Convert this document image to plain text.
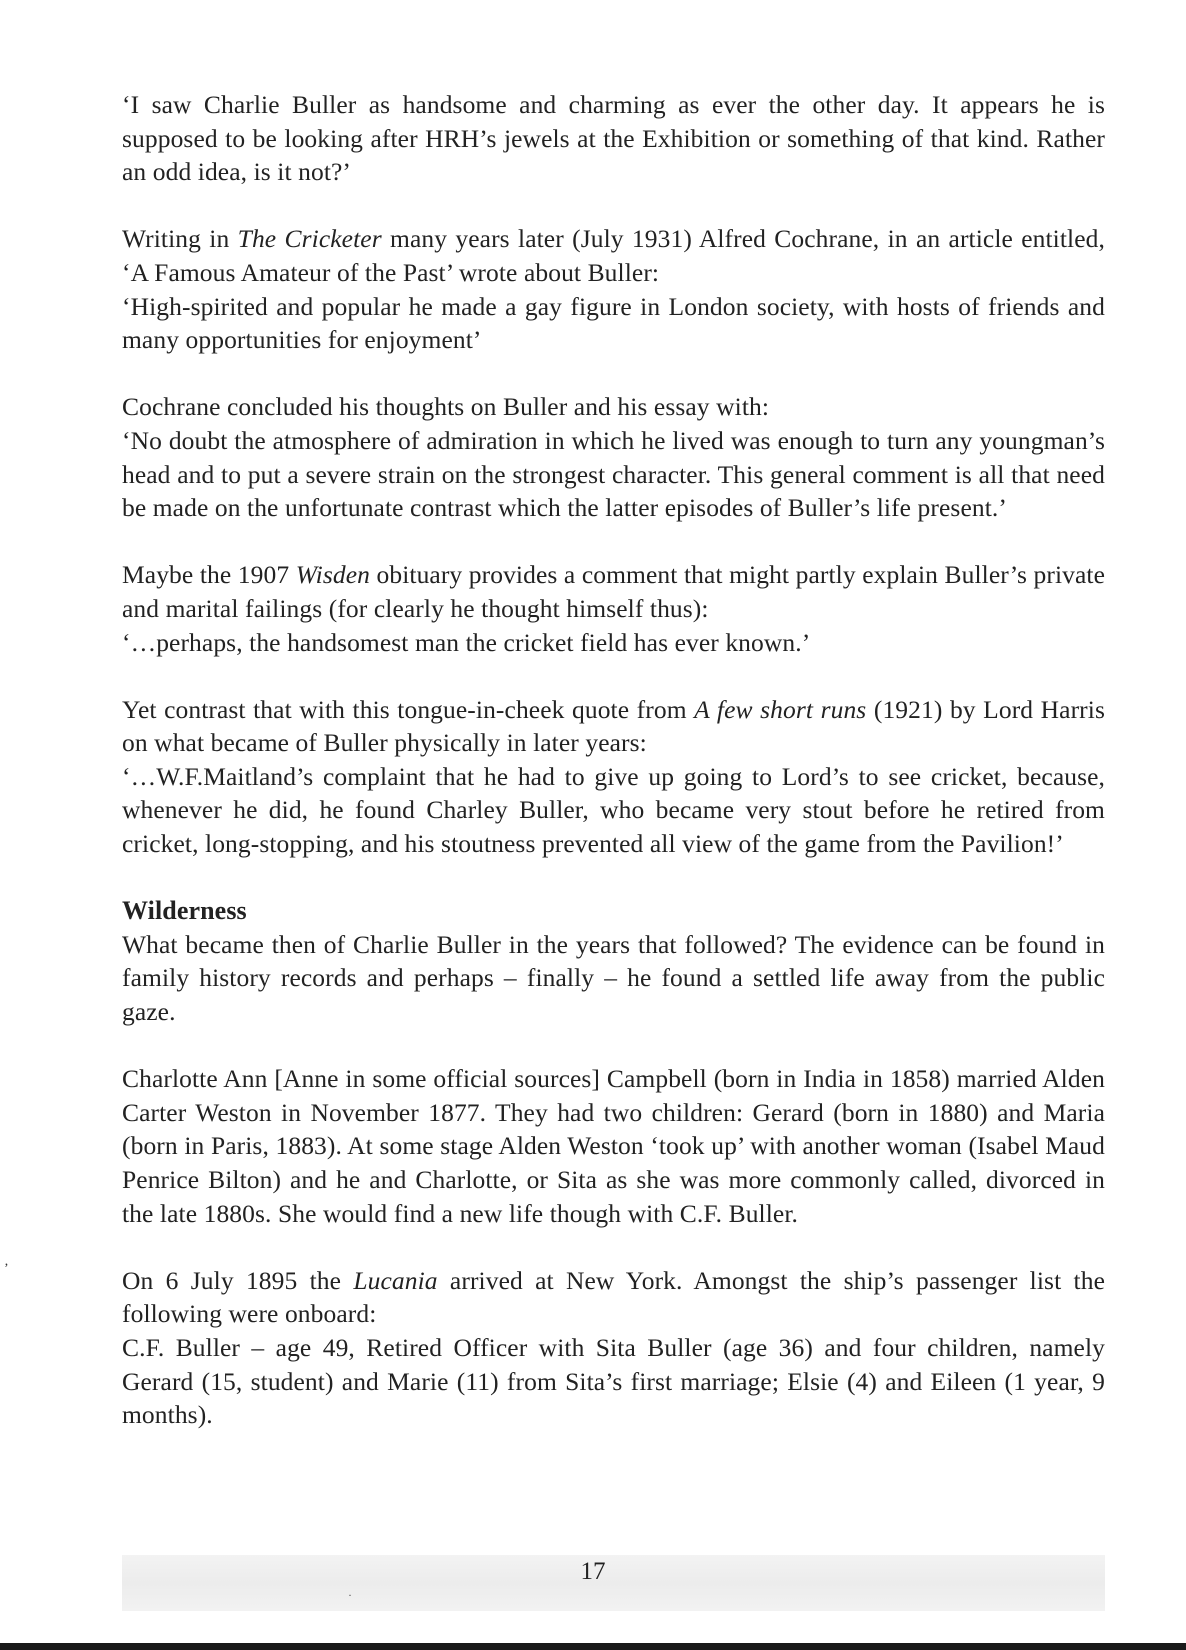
‘I saw Charlie Buller as handsome and charming as ever the other day. It appears he is supposed to be looking after HRH’s jewels at the Exhibition or something of that kind. Rather an odd idea, is it not?’

Writing in The Cricketer many years later (July 1931) Alfred Cochrane, in an article entitled, ‘A Famous Amateur of the Past’ wrote about Buller:

‘High-spirited and popular he made a gay figure in London society, with hosts of friends and many opportunities for enjoyment’

Cochrane concluded his thoughts on Buller and his essay with:

‘No doubt the atmosphere of admiration in which he lived was enough to turn any youngman’s head and to put a severe strain on the strongest character. This general comment is all that need be made on the unfortunate contrast which the latter episodes of Buller’s life present.’

Maybe the 1907 Wisden obituary provides a comment that might partly explain Buller’s private and marital failings (for clearly he thought himself thus):

‘…perhaps, the handsomest man the cricket field has ever known.’

Yet contrast that with this tongue-in-cheek quote from A few short runs (1921) by Lord Harris on what became of Buller physically in later years:

‘…W.F.Maitland’s complaint that he had to give up going to Lord’s to see cricket, because, whenever he did, he found Charley Buller, who became very stout before he retired from cricket, long-stopping, and his stoutness prevented all view of the game from the Pavilion!’

Wilderness

What became then of Charlie Buller in the years that followed? The evidence can be found in family history records and perhaps – finally – he found a settled life away from the public gaze.

Charlotte Ann [Anne in some official sources] Campbell (born in India in 1858) married Alden Carter Weston in November 1877. They had two children: Gerard (born in 1880) and Maria (born in Paris, 1883). At some stage Alden Weston ‘took up’ with another woman (Isabel Maud Penrice Bilton) and he and Charlotte, or Sita as she was more commonly called, divorced in the late 1880s. She would find a new life though with C.F. Buller.

On 6 July 1895 the Lucania arrived at New York. Amongst the ship’s passenger list the following were onboard:

C.F. Buller – age 49, Retired Officer with Sita Buller (age 36) and four children, namely Gerard (15, student) and Marie (11) from Sita’s first marriage; Elsie (4) and Eileen (1 year, 9 months).

·
17
‚
